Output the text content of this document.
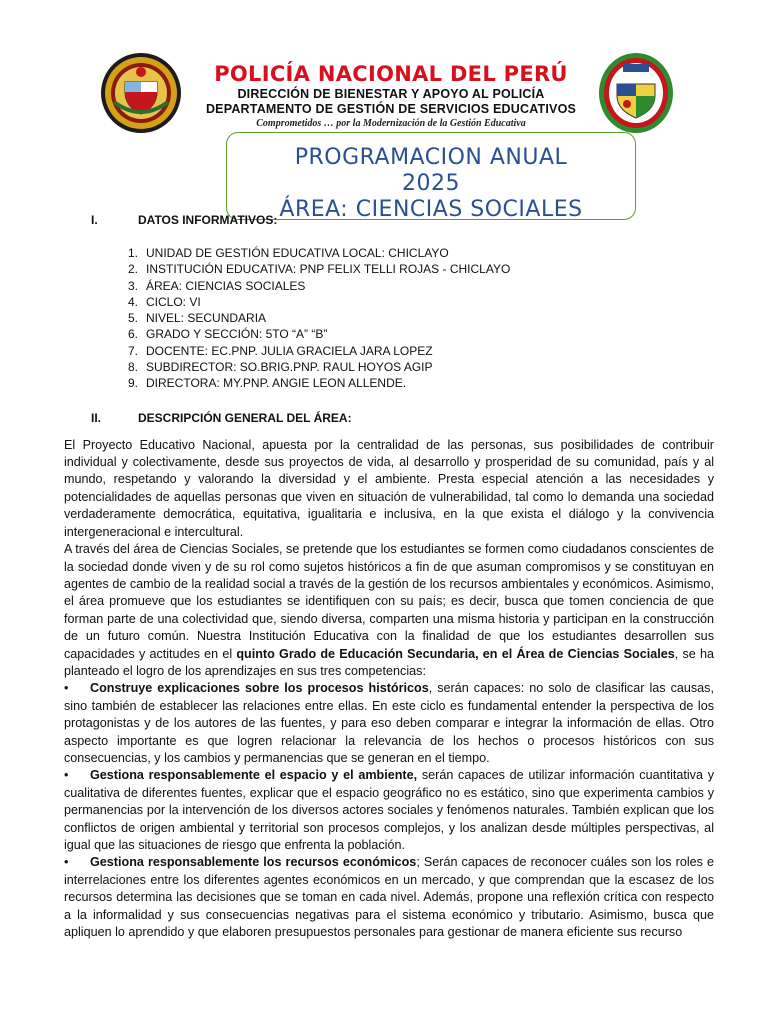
POLICÍA NACIONAL DEL PERÚ
DIRECCIÓN DE BIENESTAR Y APOYO AL POLICÍA
DEPARTAMENTO DE GESTIÓN DE SERVICIOS EDUCATIVOS
Comprometidos … por la Modernización de la Gestión Educativa
PROGRAMACION ANUAL
2025
ÁREA: CIENCIAS SOCIALES
I.	DATOS INFORMATIVOS:
1. UNIDAD DE GESTIÓN EDUCATIVA LOCAL: CHICLAYO
2. INSTITUCIÓN EDUCATIVA: PNP FELIX TELLI ROJAS - CHICLAYO
3. ÁREA: CIENCIAS SOCIALES
4. CICLO: VI
5. NIVEL: SECUNDARIA
6. GRADO Y SECCIÓN: 5TO “A” “B”
7. DOCENTE: EC.PNP. JULIA GRACIELA JARA LOPEZ
8. SUBDIRECTOR: SO.BRIG.PNP. RAUL HOYOS AGIP
9. DIRECTORA: MY.PNP. ANGIE LEON ALLENDE.
II.	DESCRIPCIÓN GENERAL DEL ÁREA:

El Proyecto Educativo Nacional, apuesta por la centralidad de las personas, sus posibilidades de contribuir individual y colectivamente, desde sus proyectos de vida, al desarrollo y prosperidad de su comunidad, país y al mundo, respetando y valorando la diversidad y el ambiente. Presta especial atención a las necesidades y potencialidades de aquellas personas que viven en situación de vulnerabilidad, tal como lo demanda una sociedad verdaderamente democrática, equitativa, igualitaria e inclusiva, en la que exista el diálogo y la convivencia intergeneracional e intercultural.

A través del área de Ciencias Sociales, se pretende que los estudiantes se formen como ciudadanos conscientes de la sociedad donde viven y de su rol como sujetos históricos a fin de que asuman compromisos y se constituyan en agentes de cambio de la realidad social a través de la gestión de los recursos ambientales y económicos. Asimismo, el área promueve que los estudiantes se identifiquen con su país; es decir, busca que tomen conciencia de que forman parte de una colectividad que, siendo diversa, comparten una misma historia y participan en la construcción de un futuro común. Nuestra Institución Educativa con la finalidad de que los estudiantes desarrollen sus capacidades y actitudes en el quinto Grado de Educación Secundaria, en el Área de Ciencias Sociales, se ha planteado el logro de los aprendizajes en sus tres competencias:

• Construye explicaciones sobre los procesos históricos, serán capaces: no solo de clasificar las causas, sino también de establecer las relaciones entre ellas. En este ciclo es fundamental entender la perspectiva de los protagonistas y de los autores de las fuentes, y para eso deben comparar e integrar la información de ellas. Otro aspecto importante es que logren relacionar la relevancia de los hechos o procesos históricos con sus consecuencias, y los cambios y permanencias que se generan en el tiempo.

• Gestiona responsablemente el espacio y el ambiente, serán capaces de utilizar información cuantitativa y cualitativa de diferentes fuentes, explicar que el espacio geográfico no es estático, sino que experimenta cambios y permanencias por la intervención de los diversos actores sociales y fenómenos naturales. También explican que los conflictos de origen ambiental y territorial son procesos complejos, y los analizan desde múltiples perspectivas, al igual que las situaciones de riesgo que enfrenta la población.

• Gestiona responsablemente los recursos económicos; Serán capaces de reconocer cuáles son los roles e interrelaciones entre los diferentes agentes económicos en un mercado, y que comprendan que la escasez de los recursos determina las decisiones que se toman en cada nivel. Además, propone una reflexión crítica con respecto a la informalidad y sus consecuencias negativas para el sistema económico y tributario. Asimismo, busca que apliquen lo aprendido y que elaboren presupuestos personales para gestionar de manera eficiente sus recurso
